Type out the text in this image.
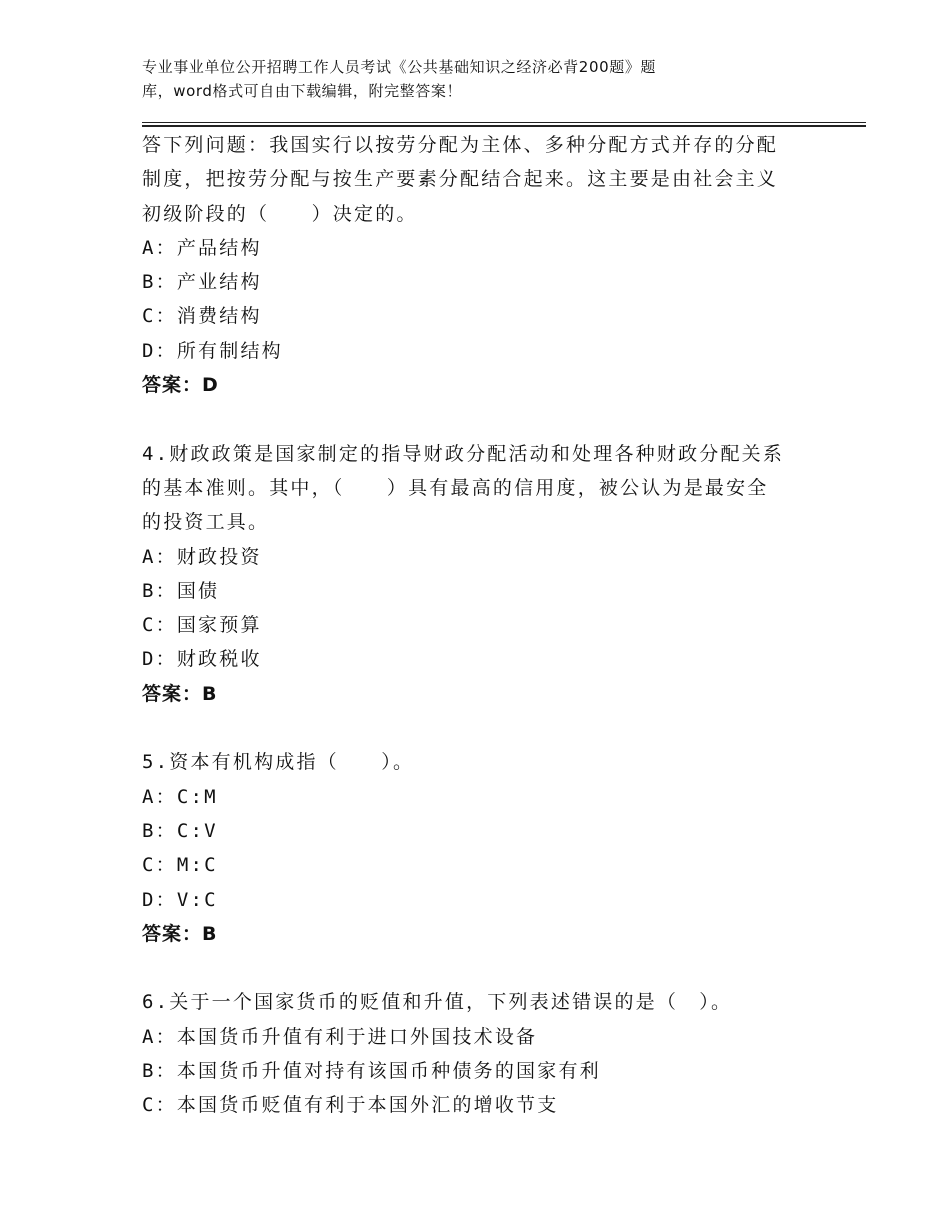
专业事业单位公开招聘工作人员考试《公共基础知识之经济必背200题》题
库，word格式可自由下载编辑，附完整答案！
答下列问题：我国实行以按劳分配为主体、多种分配方式并存的分配
制度，把按劳分配与按生产要素分配结合起来。这主要是由社会主义
初级阶段的（　　）决定的。
A：产品结构
B：产业结构
C：消费结构
D：所有制结构
答案：D
4.财政政策是国家制定的指导财政分配活动和处理各种财政分配关系
的基本准则。其中，（　　）具有最高的信用度，被公认为是最安全
的投资工具。
A：财政投资
B：国债
C：国家预算
D：财政税收
答案：B
5.资本有机构成指（　　）。
A：C:M
B：C:V
C：M:C
D：V:C
答案：B
6.关于一个国家货币的贬值和升值，下列表述错误的是（　）。
A：本国货币升值有利于进口外国技术设备
B：本国货币升值对持有该国币种债务的国家有利
C：本国货币贬值有利于本国外汇的增收节支
